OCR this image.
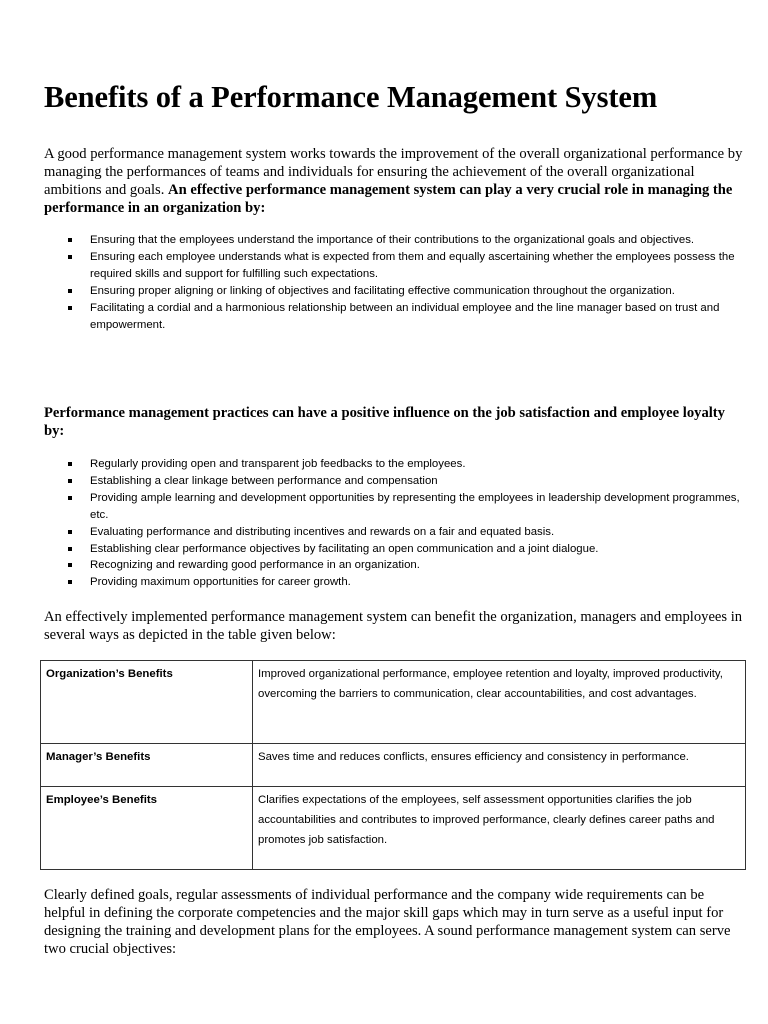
Benefits of a Performance Management System

A good performance management system works towards the improvement of the overall organizational performance by managing the performances of teams and individuals for ensuring the achievement of the overall organizational ambitions and goals. An effective performance management system can play a very crucial role in managing the performance in an organization by:

Ensuring that the employees understand the importance of their contributions to the organizational goals and objectives.
Ensuring each employee understands what is expected from them and equally ascertaining whether the employees possess the required skills and support for fulfilling such expectations.
Ensuring proper aligning or linking of objectives and facilitating effective communication throughout the organization.
Facilitating a cordial and a harmonious relationship between an individual employee and the line manager based on trust and empowerment.

Performance management practices can have a positive influence on the job satisfaction and employee loyalty by:

Regularly providing open and transparent job feedbacks to the employees.
Establishing a clear linkage between performance and compensation
Providing ample learning and development opportunities by representing the employees in leadership development programmes, etc.
Evaluating performance and distributing incentives and rewards on a fair and equated basis.
Establishing clear performance objectives by facilitating an open communication and a joint dialogue.
Recognizing and rewarding good performance in an organization.
Providing maximum opportunities for career growth.

An effectively implemented performance management system can benefit the organization, managers and employees in several ways as depicted in the table given below:

Organization’s Benefits	Improved organizational performance, employee retention and loyalty, improved productivity, overcoming the barriers to communication, clear accountabilities, and cost advantages.
Manager’s Benefits	Saves time and reduces conflicts, ensures efficiency and consistency in performance.
Employee’s Benefits	Clarifies expectations of the employees, self assessment opportunities clarifies the job accountabilities and contributes to improved performance, clearly defines career paths and promotes job satisfaction.

Clearly defined goals, regular assessments of individual performance and the company wide requirements can be helpful in defining the corporate competencies and the major skill gaps which may in turn serve as a useful input for designing the training and development plans for the employees. A sound performance management system can serve two crucial objectives:
